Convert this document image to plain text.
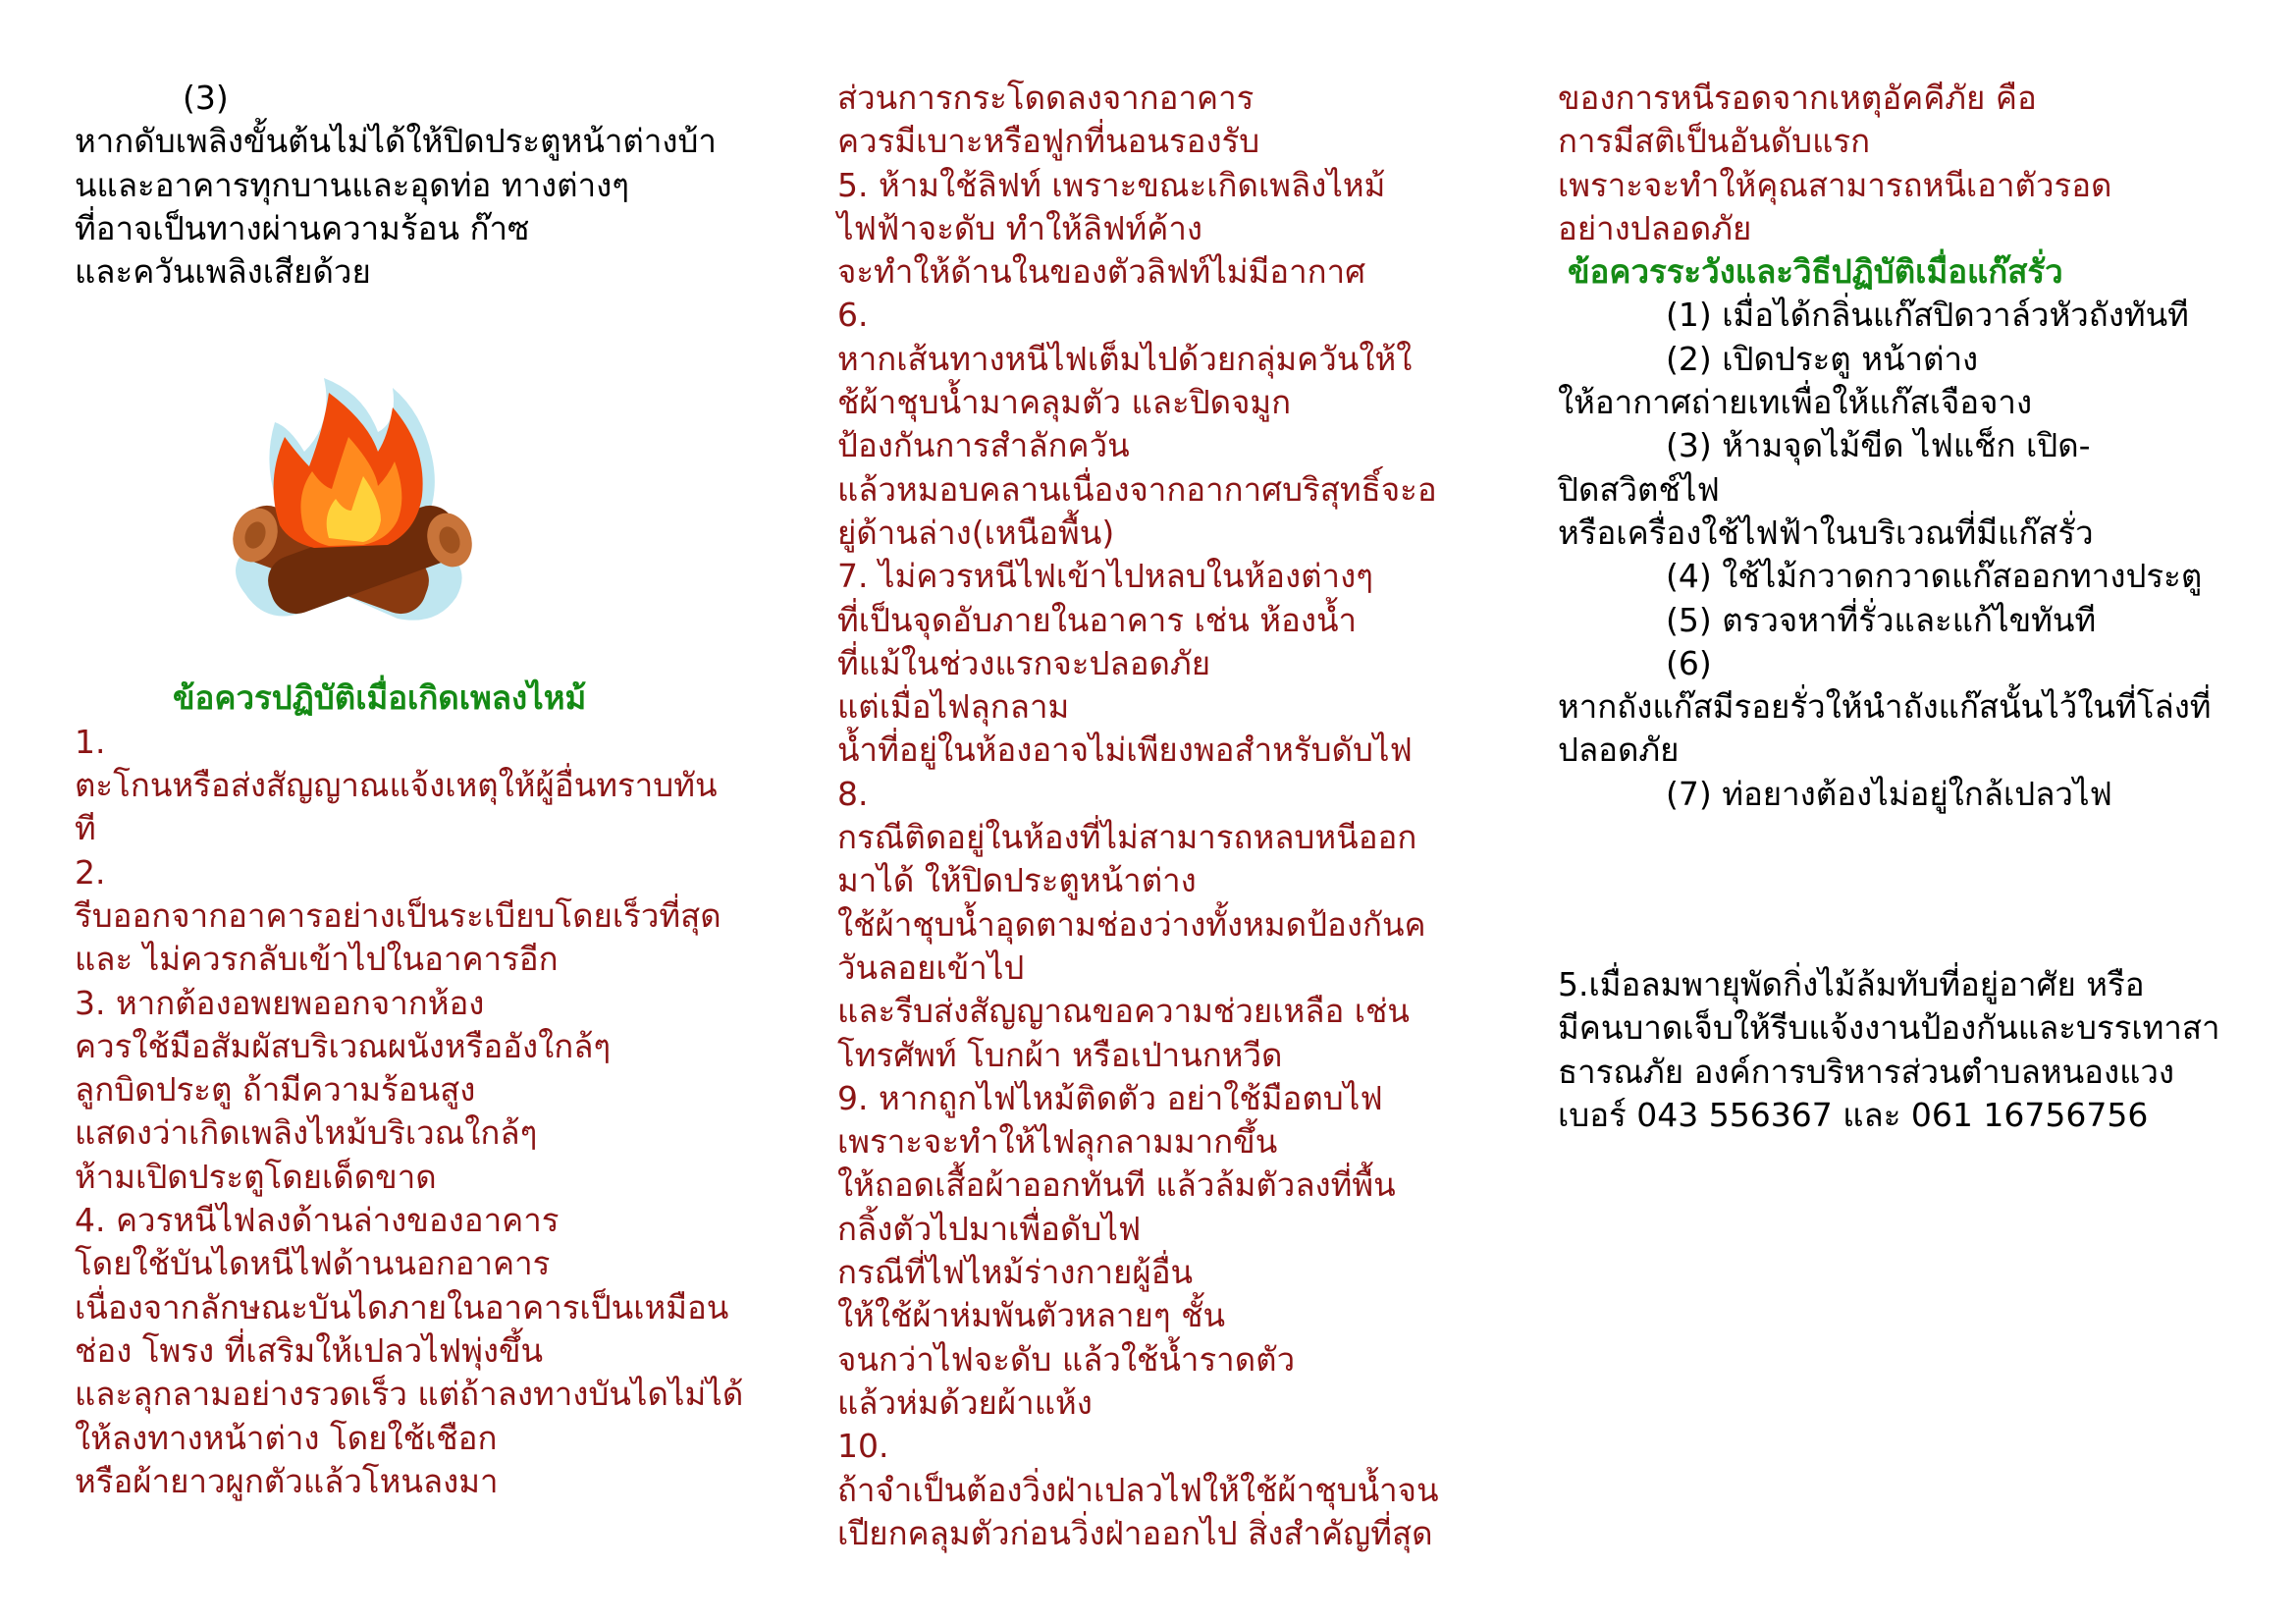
(3)
หากดับเพลิงขั้นต้นไม่ได้ให้ปิดประตูหน้าต่างบ้า
นและอาคารทุกบานและอุดท่อ ทางต่างๆ
ที่อาจเป็นทางผ่านความร้อน ก๊าซ
และควันเพลิงเสียด้วย
ข้อควรปฏิบัติเมื่อเกิดเพลงไหม้
1.
ตะโกนหรือส่งสัญญาณแจ้งเหตุให้ผู้อื่นทราบทัน
ที
2.
รีบออกจากอาคารอย่างเป็นระเบียบโดยเร็วที่สุด
และ ไม่ควรกลับเข้าไปในอาคารอีก
3. หากต้องอพยพออกจากห้อง
ควรใช้มือสัมผัสบริเวณผนังหรืออังใกล้ๆ
ลูกบิดประตู ถ้ามีความร้อนสูง
แสดงว่าเกิดเพลิงไหม้บริเวณใกล้ๆ
ห้ามเปิดประตูโดยเด็ดขาด
4. ควรหนีไฟลงด้านล่างของอาคาร
โดยใช้บันไดหนีไฟด้านนอกอาคาร
เนื่องจากลักษณะบันไดภายในอาคารเป็นเหมือน
ช่อง โพรง ที่เสริมให้เปลวไฟพุ่งขึ้น
และลุกลามอย่างรวดเร็ว แต่ถ้าลงทางบันไดไม่ได้
ให้ลงทางหน้าต่าง โดยใช้เชือก
หรือผ้ายาวผูกตัวแล้วโหนลงมา
ส่วนการกระโดดลงจากอาคาร
ควรมีเบาะหรือฟูกที่นอนรองรับ
5. ห้ามใช้ลิฟท์ เพราะขณะเกิดเพลิงไหม้
ไฟฟ้าจะดับ ทำให้ลิฟท์ค้าง
จะทำให้ด้านในของตัวลิฟท์ไม่มีอากาศ
6.
หากเส้นทางหนีไฟเต็มไปด้วยกลุ่มควันให้ใ
ช้ผ้าชุบน้ำมาคลุมตัว และปิดจมูก
ป้องกันการสำลักควัน
แล้วหมอบคลานเนื่องจากอากาศบริสุทธิ์จะอ
ยู่ด้านล่าง(เหนือพื้น)
7. ไม่ควรหนีไฟเข้าไปหลบในห้องต่างๆ
ที่เป็นจุดอับภายในอาคาร เช่น ห้องน้ำ
ที่แม้ในช่วงแรกจะปลอดภัย
แต่เมื่อไฟลุกลาม
น้ำที่อยู่ในห้องอาจไม่เพียงพอสำหรับดับไฟ
8.
กรณีติดอยู่ในห้องที่ไม่สามารถหลบหนีออก
มาได้ ให้ปิดประตูหน้าต่าง
ใช้ผ้าชุบน้ำอุดตามช่องว่างทั้งหมดป้องกันค
วันลอยเข้าไป
และรีบส่งสัญญาณขอความช่วยเหลือ เช่น
โทรศัพท์ โบกผ้า หรือเป่านกหวีด
9. หากถูกไฟไหม้ติดตัว อย่าใช้มือตบไฟ
เพราะจะทำให้ไฟลุกลามมากขึ้น
ให้ถอดเสื้อผ้าออกทันที แล้วล้มตัวลงที่พื้น
กลิ้งตัวไปมาเพื่อดับไฟ
กรณีที่ไฟไหม้ร่างกายผู้อื่น
ให้ใช้ผ้าห่มพันตัวหลายๆ ชั้น
จนกว่าไฟจะดับ แล้วใช้น้ำราดตัว
แล้วห่มด้วยผ้าแห้ง
10.
ถ้าจำเป็นต้องวิ่งฝ่าเปลวไฟให้ใช้ผ้าชุบน้ำจน
เปียกคลุมตัวก่อนวิ่งฝ่าออกไป สิ่งสำคัญที่สุด
ของการหนีรอดจากเหตุอัคคีภัย คือ
การมีสติเป็นอันดับแรก
เพราะจะทำให้คุณสามารถหนีเอาตัวรอด
อย่างปลอดภัย
ข้อควรระวังและวิธีปฏิบัติเมื่อแก๊สรั่ว
(1) เมื่อได้กลิ่นแก๊สปิดวาล์วหัวถังทันที
(2) เปิดประตู หน้าต่าง
ให้อากาศถ่ายเทเพื่อให้แก๊สเจือจาง
(3) ห้ามจุดไม้ขีด ไฟแช็ก เปิด-
ปิดสวิตช์ไฟ
หรือเครื่องใช้ไฟฟ้าในบริเวณที่มีแก๊สรั่ว
(4) ใช้ไม้กวาดกวาดแก๊สออกทางประตู
(5) ตรวจหาที่รั่วและแก้ไขทันที
(6)
หากถังแก๊สมีรอยรั่วให้นำถังแก๊สนั้นไว้ในที่โล่งที่
ปลอดภัย
(7) ท่อยางต้องไม่อยู่ใกล้เปลวไฟ
5.เมื่อลมพายุพัดกิ่งไม้ล้มทับที่อยู่อาศัย หรือ
มีคนบาดเจ็บให้รีบแจ้งงานป้องกันและบรรเทาสา
ธารณภัย องค์การบริหารส่วนตำบลหนองแวง
เบอร์ 043 556367 และ 061 16756756
